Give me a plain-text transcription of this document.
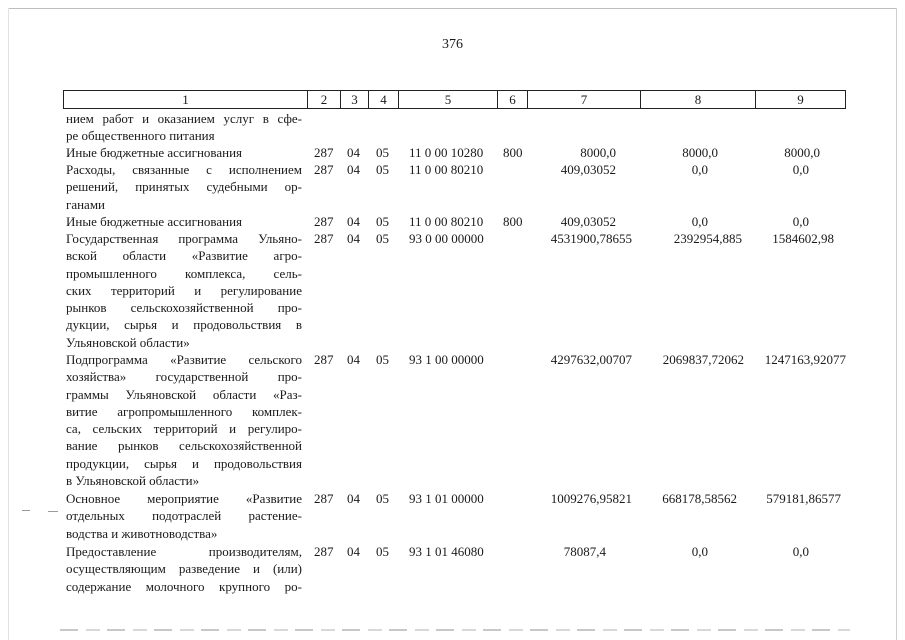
376
1	2	3	4	5	6	7	8	9
нием работ и оказанием услуг в сфе-
ре общественного питания
Иные бюджетные ассигнования	287 04 05 11 0 00 10280 800	8000,0	8000,0	8000,0
Расходы, связанные с исполнением
решений, принятых судебными ор-
ганами
287 04 05 11 0 00 80210	409,03052	0,0	0,0
Иные бюджетные ассигнования	287 04 05 11 0 00 80210 800	409,03052	0,0	0,0
Государственная программа Ульяно-
вской области «Развитие агро-
промышленного комплекса, сель-
ских территорий и регулирование
рынков сельскохозяйственной про-
дукции, сырья и продовольствия в
Ульяновской области»
287 04 05 93 0 00 00000	4531900,78655	2392954,885	1584602,98
Подпрограмма «Развитие сельского
хозяйства» государственной про-
граммы Ульяновской области «Раз-
витие агропромышленного комплек-
са, сельских территорий и регулиро-
вание рынков сельскохозяйственной
продукции, сырья и продовольствия
в Ульяновской области»
287 04 05 93 1 00 00000	4297632,00707	2069837,72062	1247163,92077
Основное мероприятие «Развитие
отдельных подотраслей растение-
водства и животноводства»
287 04 05 93 1 01 00000	1009276,95821	668178,58562	579181,86577
Предоставление производителям,
осуществляющим разведение и (или)
содержание молочного крупного ро-
287 04 05 93 1 01 46080	78087,4	0,0	0,0
